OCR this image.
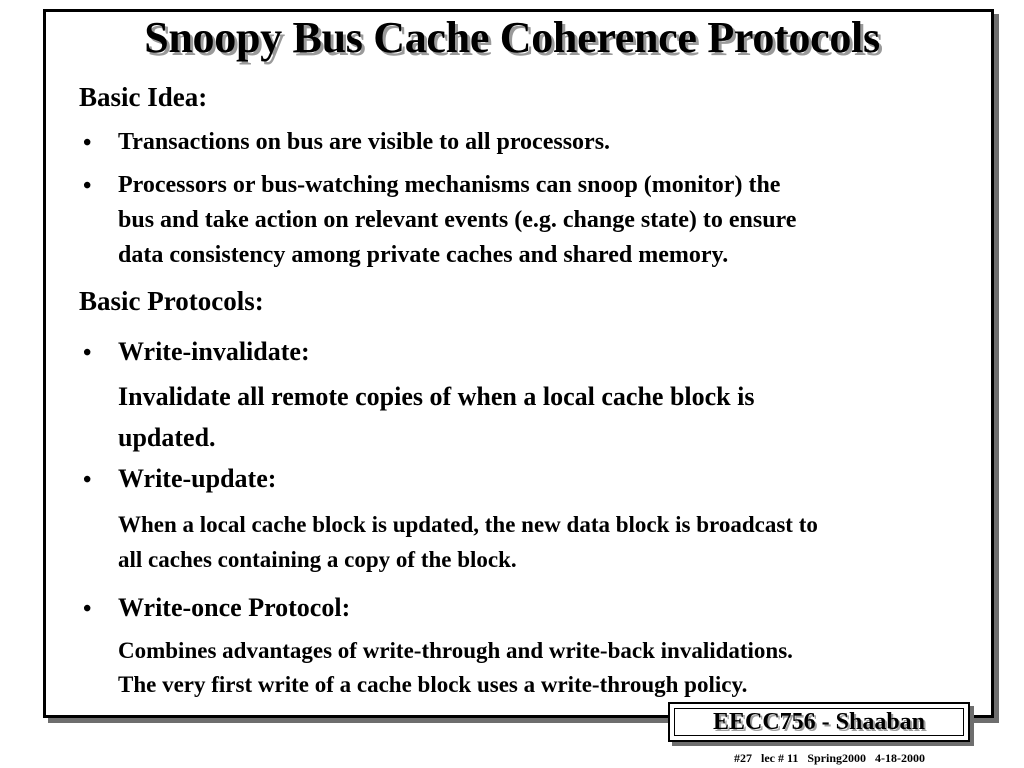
Snoopy Bus Cache Coherence Protocols
Basic Idea:
• Transactions on bus are visible to all processors.

• Processors or bus-watching mechanisms can snoop (monitor) the

bus and take action on relevant events (e.g. change state) to ensure

data consistency among private caches and shared memory.

Basic Protocols:
• Write-invalidate:

Invalidate all remote copies of when a local cache block is

updated.

• Write-update:

When a local cache block is updated, the new data block is broadcast to

all caches containing a copy of the block.

• Write-once Protocol:

Combines advantages of write-through and write-back invalidations.

The very first write of a cache block uses a write-through policy.

EECC756 - Shaaban
#27   lec # 11   Spring2000   4-18-2000
